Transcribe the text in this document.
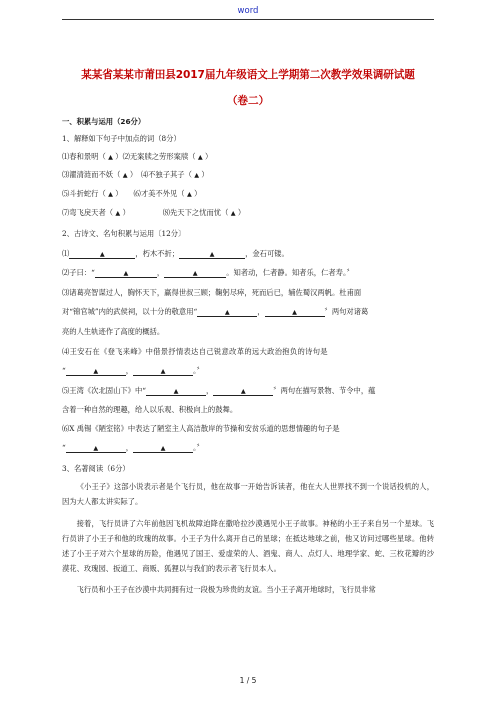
word
某某省某某市莆田县2017届九年级语文上学期第二次教学效果调研试题
（卷二）
一、积累与运用（26分）
1、解释如下句子中加点的词（8分）
⑴春和景明（ ▲ ）⑵无案牍之劳形案牍（ ▲ ）
⑶濯清涟而不妖（ ▲ ）　⑷不独子其子（ ▲ ）
⑸斗折蛇行（ ▲ ）　　⑹才美不外见（ ▲ ）
⑺弯飞戾天者（ ▲ ）　　　　　⑻先天下之忧而忧（ ▲ ）
2、古诗文、名句积累与运用〔12分〕
⑴	▲	，朽木不折；	▲	，金石可镂。
⑵子曰：“	▲	，	▲	。知者动，仁者静。知者乐，仁者寿。〞
⑶诸葛亮智谋过人，胸怀天下，赢得世叔三顾；鞠躬尽瘁，死而后已，辅佐蜀汉两帆。杜甫面
对“锦官城”内的武侯祠，以十分的敬意用“	▲	，	▲	〞两句对诸葛
亮的人生轨迹作了高度的概括。
⑷王安石在《登飞来峰》中借景抒情表达自己锐意改革的远大政治抱负的诗句是
“	▲	，	▲	。〞
⑸王湾《次北固山下》中“	▲	，	▲	〞两句在描写景物、节令中，蕴
含着一种自然的理趣，给人以乐观、积极向上的鼓舞。
⑹X 禹锡《陋室铭》中表达了陋室主人高洁散岸的节操和安贫乐道的思想情趣的句子是
“	▲	，	▲	。〞
3、名著阅读（6分）

《小王子》这部小说表示者是个飞行员，他在故事一开始告诉读者，他在大人世界找不到一个说话投机的人，因为大人都太讲实际了。

接着，飞行员讲了六年前他因飞机故障迫降在撒哈拉沙漠遇见小王子故事。神秘的小王子来自另一个星球。飞行员讲了小王子和他的玫瑰的故事。小王子为什么离开自己的星球；在抵达地球之前，他又访问过哪些星球。他转述了小王子对六个星球的历险，他遇见了国王、爱虚荣的人、酒鬼、商人、点灯人、地理学家、蛇、三枚花瓣的沙漠花、玫瑰园、扳道工、商贩、狐狸以与我们的表示者飞行员本人。

飞行员和小王子在沙漠中共同拥有过一段极为珍贵的友谊。当小王子离开地球时，飞行员非常

1 / 5
